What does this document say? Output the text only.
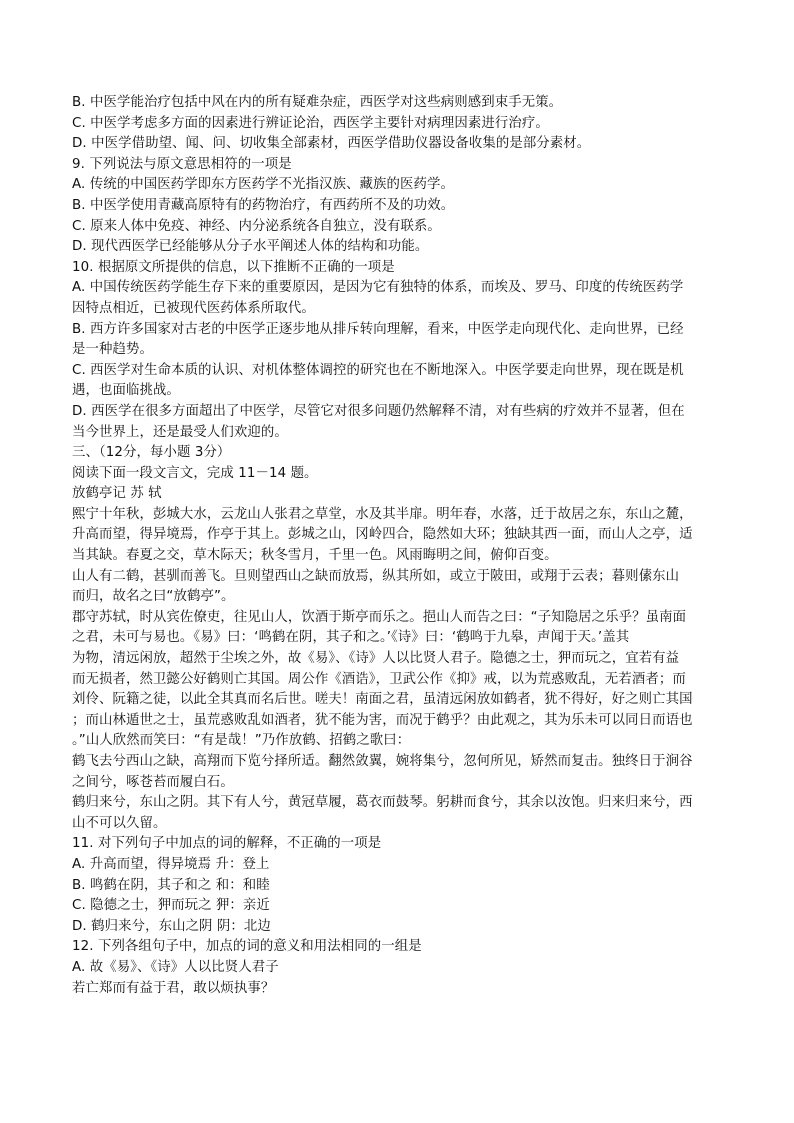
B. 中医学能治疗包括中风在内的所有疑难杂症，西医学对这些病则感到束手无策。
C. 中医学考虑多方面的因素进行辨证论治，西医学主要针对病理因素进行治疗。
D. 中医学借助望、闻、问、切收集全部素材，西医学借助仪器设备收集的是部分素材。
9. 下列说法与原文意思相符的一项是
A. 传统的中国医药学即东方医药学不光指汉族、藏族的医药学。
B. 中医学使用青藏高原特有的药物治疗，有西药所不及的功效。
C. 原来人体中免疫、神经、内分泌系统各自独立，没有联系。
D. 现代西医学已经能够从分子水平阐述人体的结构和功能。
10. 根据原文所提供的信息，以下推断不正确的一项是
A. 中国传统医药学能生存下来的重要原因，是因为它有独特的体系，而埃及、罗马、印度的传统医药学
因特点相近，已被现代医药体系所取代。
B. 西方许多国家对古老的中医学正逐步地从排斥转向理解，看来，中医学走向现代化、走向世界，已经
是一种趋势。
C. 西医学对生命本质的认识、对机体整体调控的研究也在不断地深入。中医学要走向世界，现在既是机
遇，也面临挑战。
D. 西医学在很多方面超出了中医学，尽管它对很多问题仍然解释不清，对有些病的疗效并不显著，但在
当今世界上，还是最受人们欢迎的。
三、（12分，每小题 3分）
阅读下面一段文言文，完成 11－14 题。
放鹤亭记 苏 轼
熙宁十年秋，彭城大水，云龙山人张君之草堂，水及其半扉。明年春，水落，迁于故居之东，东山之麓，
升高而望，得异境焉，作亭于其上。彭城之山，冈岭四合，隐然如大环；独缺其西一面，而山人之亭，适
当其缺。春夏之交，草木际天；秋冬雪月，千里一色。风雨晦明之间，俯仰百变。
山人有二鹤，甚驯而善飞。旦则望西山之缺而放焉，纵其所如，或立于陂田，或翔于云表；暮则傃东山
而归，故名之曰“放鹤亭”。
郡守苏轼，时从宾佐僚吏，往见山人，饮酒于斯亭而乐之。挹山人而告之曰：“子知隐居之乐乎？虽南面
之君，未可与易也。《易》曰：‘鸣鹤在阴，其子和之。’《诗》曰：‘鹤鸣于九皋，声闻于天。’盖其
为物，清远闲放，超然于尘埃之外，故《易》、《诗》人以比贤人君子。隐德之士，狎而玩之，宜若有益
而无损者，然卫懿公好鹤则亡其国。周公作《酒诰》，卫武公作《抑》戒，以为荒惑败乱，无若酒者；而
刘伶、阮籍之徒，以此全其真而名后世。嗟夫！南面之君，虽清远闲放如鹤者，犹不得好，好之则亡其国
；而山林遁世之士，虽荒惑败乱如酒者，犹不能为害，而况于鹤乎？由此观之，其为乐未可以同日而语也
。”山人欣然而笑曰：“有是哉！”乃作放鹤、招鹤之歌曰：
鹤飞去兮西山之缺，高翔而下览兮择所适。翻然敛翼，婉将集兮，忽何所见，矫然而复击。独终日于涧谷
之间兮，啄苍苔而履白石。
鹤归来兮，东山之阴。其下有人兮，黄冠草履，葛衣而鼓琴。躬耕而食兮，其余以汝饱。归来归来兮，西
山不可以久留。
11. 对下列句子中加点的词的解释，不正确的一项是
A. 升高而望，得异境焉 升：登上
B. 鸣鹤在阴，其子和之 和：和睦
C. 隐德之士，狎而玩之 狎：亲近
D. 鹤归来兮，东山之阴 阴：北边
12. 下列各组句子中，加点的词的意义和用法相同的一组是
A. 故《易》、《诗》人以比贤人君子
若亡郑而有益于君，敢以烦执事？
